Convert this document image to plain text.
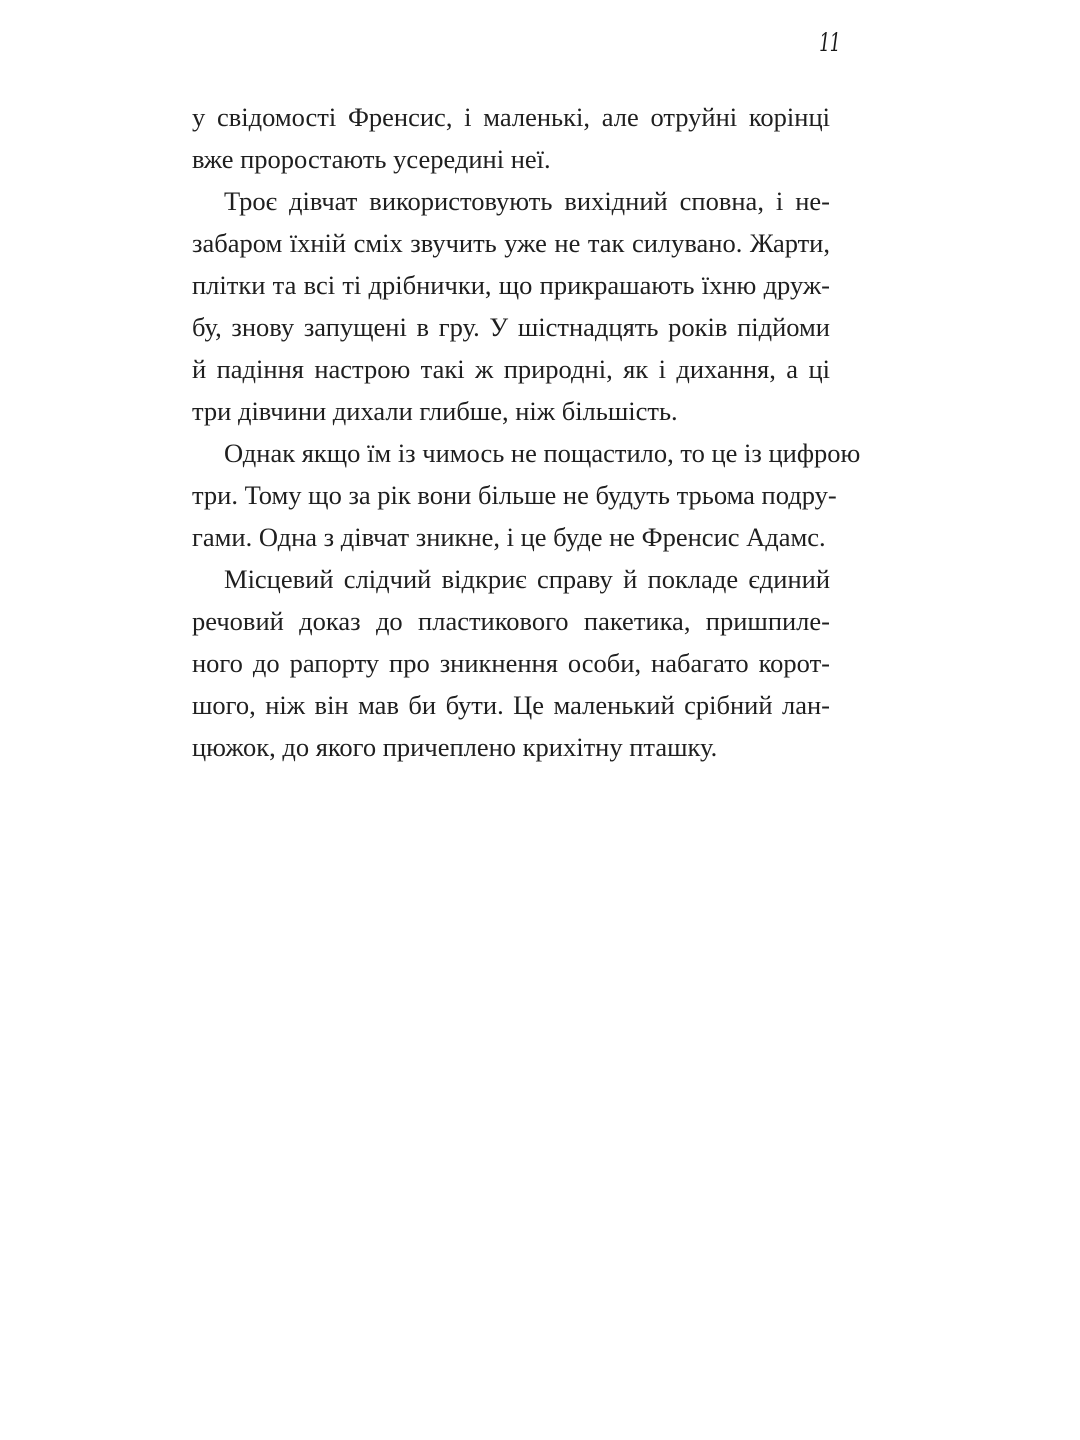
11
у свідомості Френсис, і маленькі, але отруйні корінці
вже проростають усередині неї.
Троє дівчат використовують вихідний сповна, і не-
забаром їхній сміх звучить уже не так силувано. Жарти,
плітки та всі ті дрібнички, що прикрашають їхню друж-
бу, знову запущені в гру. У шістнадцять років підйоми
й падіння настрою такі ж природні, як і дихання, а ці
три дівчини дихали глибше, ніж більшість.
Однак якщо їм із чимось не пощастило, то це із цифрою
три. Тому що за рік вони більше не будуть трьома подру-
гами. Одна з дівчат зникне, і це буде не Френсис Адамс.
Місцевий слідчий відкриє справу й покладе єдиний
речовий доказ до пластикового пакетика, пришпиле-
ного до рапорту про зникнення особи, набагато корот-
шого, ніж він мав би бути. Це маленький срібний лан-
цюжок, до якого причеплено крихітну пташку.
